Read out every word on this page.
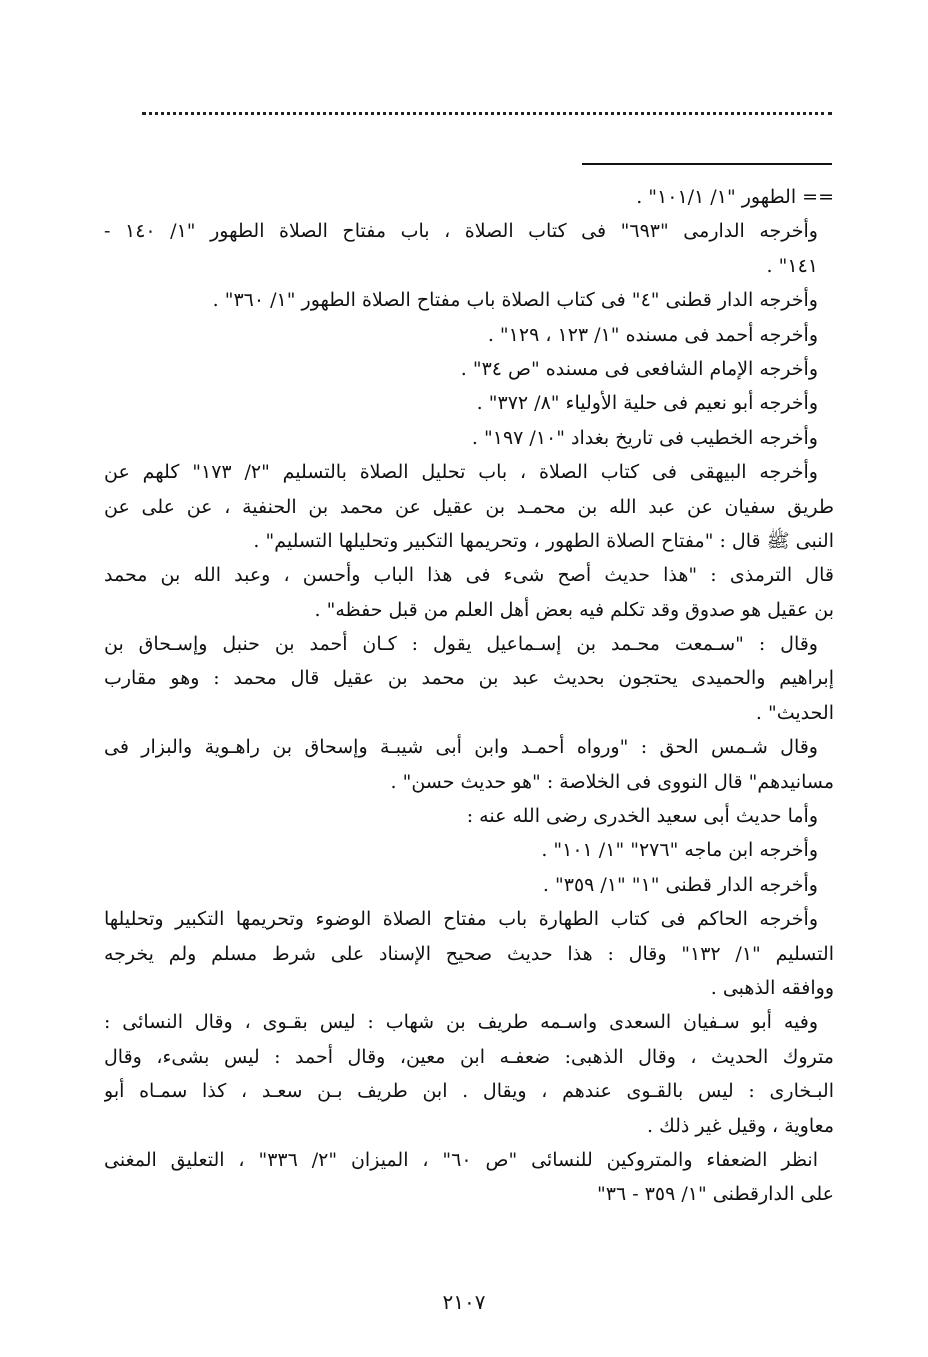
== الطهور "١/ ١٠١/١" .
وأخرجه الدارمى "٦٩٣" فى كتاب الصلاة ، باب مفتاح الصلاة الطهور "١/ ١٤٠ -
١٤١" .
وأخرجه الدار قطنى "٤" فى كتاب الصلاة باب مفتاح الصلاة الطهور "١/ ٣٦٠" .
وأخرجه أحمد فى مسنده "١/ ١٢٣ ، ١٢٩" .
وأخرجه الإمام الشافعى فى مسنده "ص ٣٤" .
وأخرجه أبو نعيم فى حلية الأولياء "٨/ ٣٧٢" .
وأخرجه الخطيب فى تاريخ بغداد "١٠/ ١٩٧" .
وأخرجه البيهقى فى كتاب الصلاة ، باب تحليل الصلاة بالتسليم "٢/ ١٧٣" كلهم عن
طريق سفيان عن عبد الله بن محمـد بن عقيل عن محمد بن الحنفية ، عن على عن
النبى ﷺ قال : "مفتاح الصلاة الطهور ، وتحريمها التكبير وتحليلها التسليم" .
قال الترمذى : "هذا حديث أصح شىء فى هذا الباب وأحسن ، وعبد الله بن محمد
بن عقيل هو صدوق وقد تكلم فيه بعض أهل العلم من قبل حفظه" .
وقال : "سـمعت محـمد بن إسـماعيل يقول : كـان أحمد بن حنبل وإسـحاق بن
إبراهيم والحميدى يحتجون بحديث عبد بن محمد بن عقيل قال محمد : وهو مقارب
الحديث" .
وقال شـمس الحق : "ورواه أحمـد وابن أبى شيبـة وإسحاق بن راهـوية والبزار فى
مسانيدهم" قال النووى فى الخلاصة : "هو حديث حسن" .
وأما حديث أبى سعيد الخدرى رضى الله عنه :
وأخرجه ابن ماجه "٢٧٦" "١/ ١٠١" .
وأخرجه الدار قطنى "١" "١/ ٣٥٩" .
وأخرجه الحاكم فى كتاب الطهارة باب مفتاح الصلاة الوضوء وتحريمها التكبير وتحليلها
التسليم "١/ ١٣٢" وقال : هذا حديث صحيح الإسناد على شرط مسلم ولم يخرجه
ووافقه الذهبى .
وفيه أبو سـفيان السعدى واسـمه طريف بن شهاب : ليس بقـوى ، وقال النسائى :
متروك الحديث ، وقال الذهبى: ضعفـه ابن معين، وقال أحمد : ليس بشىء، وقال
البـخارى : ليس بالقـوى عندهم ، ويقال . ابن طريف بـن سعـد ، كذا سمـاه أبو
معاوية ، وقيل غير ذلك .
انظر الضعفاء والمتروكين للنسائى "ص ٦٠" ، الميزان "٢/ ٣٣٦" ، التعليق المغنى
على الدارقطنى "١/ ٣٥٩ - ٣٦"
٢١٠٧
